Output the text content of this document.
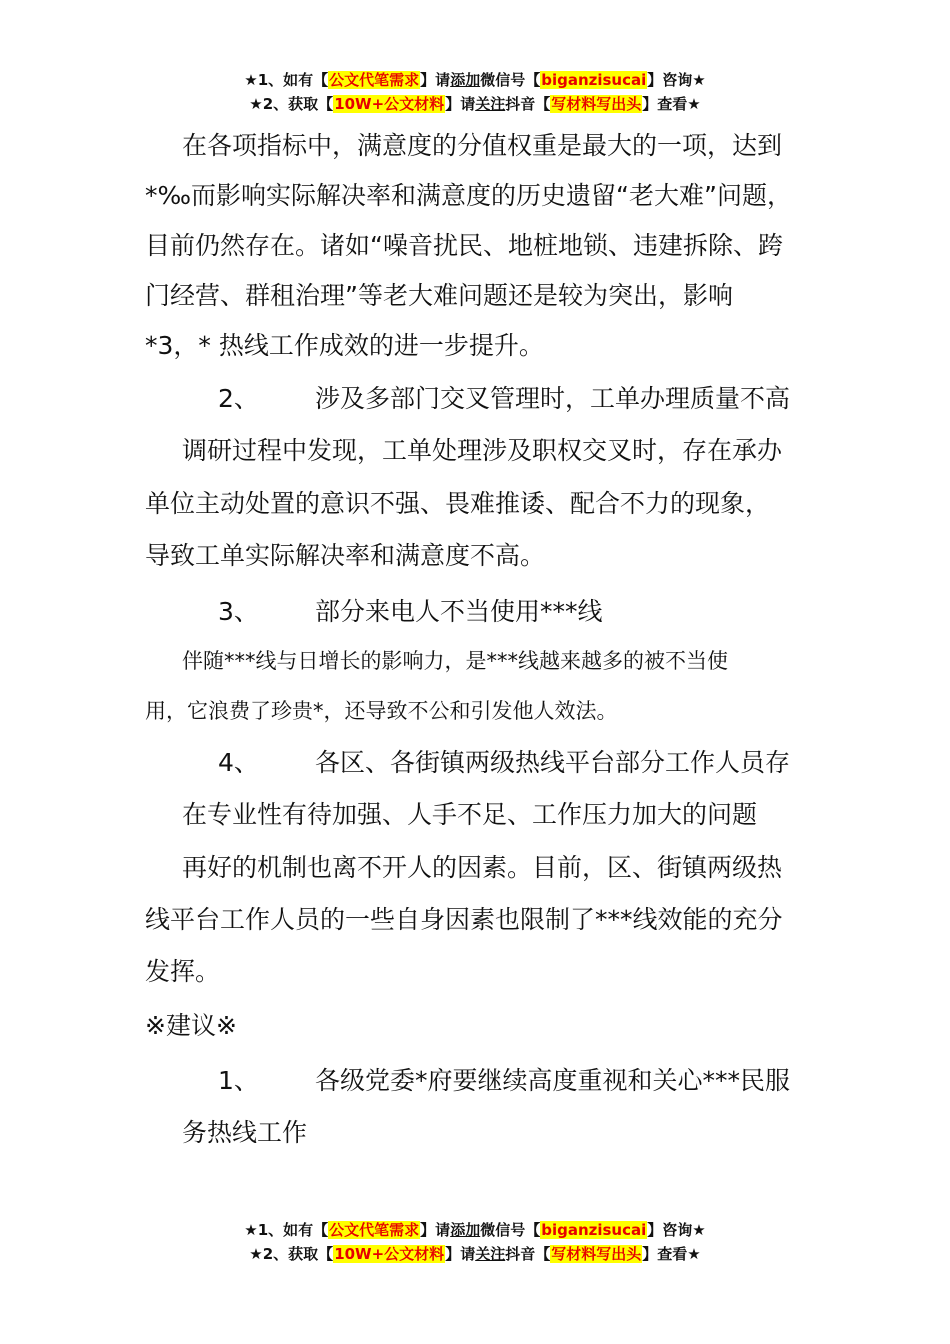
★1、如有【公文代笔需求】请添加微信号【biganzisucai】咨询★
★2、获取【10W+公文材料】请关注抖音【写材料写出头】查看★
在各项指标中，满意度的分值权重是最大的一项，达到
*‰而影响实际解决率和满意度的历史遗留“老大难”问题，
目前仍然存在。诸如“噪音扰民、地桩地锁、违建拆除、跨
门经营、群租治理”等老大难问题还是较为突出，影响
*3，* 热线工作成效的进一步提升。
2、 涉及多部门交叉管理时，工单办理质量不高
调研过程中发现，工单处理涉及职权交叉时，存在承办
单位主动处置的意识不强、畏难推诿、配合不力的现象，
导致工单实际解决率和满意度不高。
3、 部分来电人不当使用***线
伴随***线与日增长的影响力，是***线越来越多的被不当使
用，它浪费了珍贵*，还导致不公和引发他人效法。
4、 各区、各街镇两级热线平台部分工作人员存
在专业性有待加强、人手不足、工作压力加大的问题
再好的机制也离不开人的因素。目前，区、街镇两级热
线平台工作人员的一些自身因素也限制了***线效能的充分
发挥。
※建议※
1、 各级党委*府要继续高度重视和关心***民服
务热线工作
★1、如有【公文代笔需求】请添加微信号【biganzisucai】咨询★
★2、获取【10W+公文材料】请关注抖音【写材料写出头】查看★
